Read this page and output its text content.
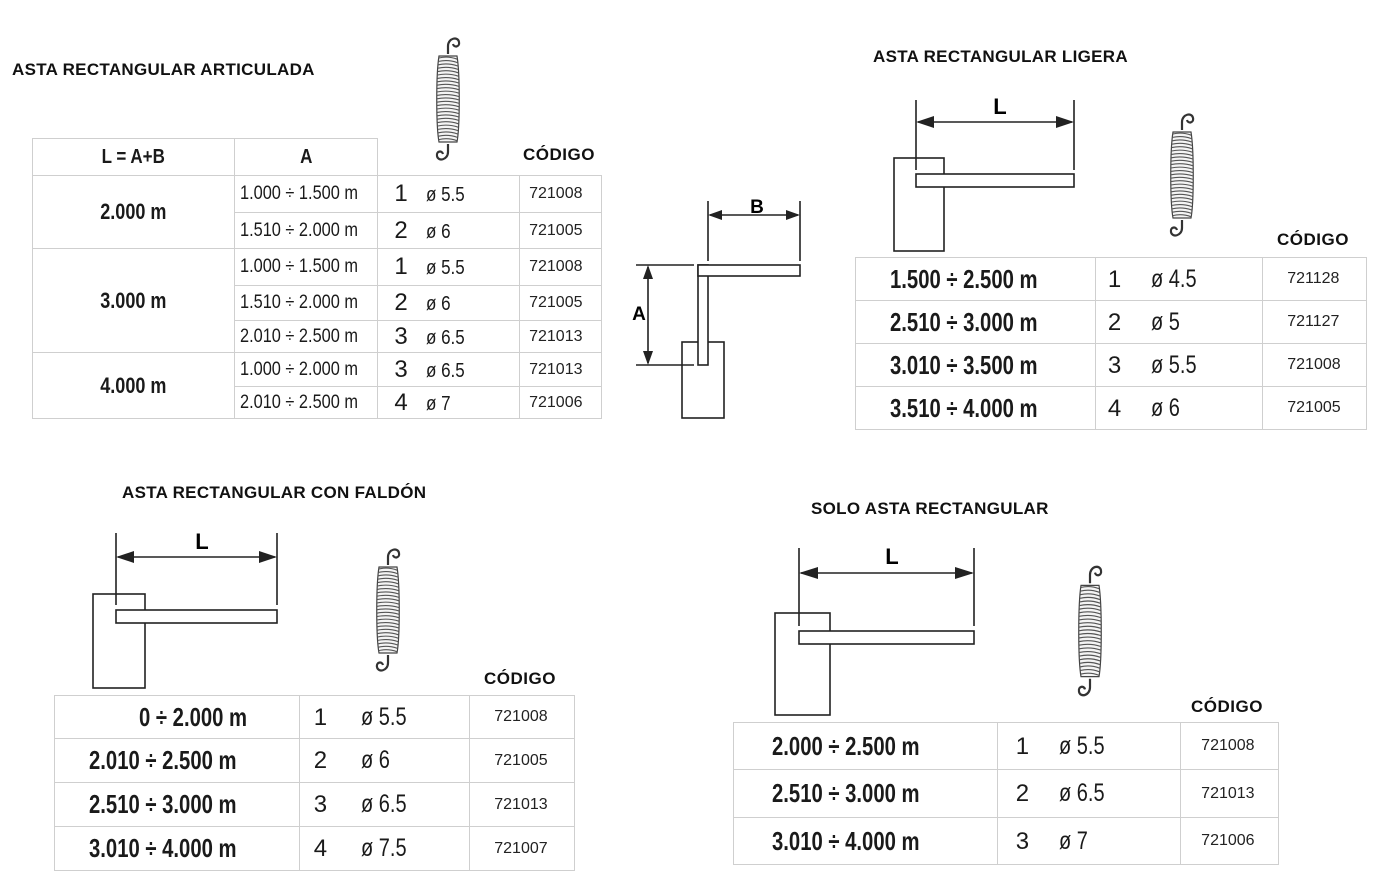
ASTA RECTANGULAR ARTICULADA
CÓDIGO
L = A+B	A		
2.000 m	1.000 ÷ 1.500 m	1 ø 5.5	721008
	1.510 ÷ 2.000 m	2 ø 6	721005
3.000 m	1.000 ÷ 1.500 m	1 ø 5.5	721008
	1.510 ÷ 2.000 m	2 ø 6	721005
	2.010 ÷ 2.500 m	3 ø 6.5	721013
4.000 m	1.000 ÷ 2.000 m	3 ø 6.5	721013
	2.010 ÷ 2.500 m	4 ø 7	721006
B
A
ASTA RECTANGULAR LIGERA
L
CÓDIGO
1.500 ÷ 2.500 m	1 ø 4.5	721128
2.510 ÷ 3.000 m	2 ø 5	721127
3.010 ÷ 3.500 m	3 ø 5.5	721008
3.510 ÷ 4.000 m	4 ø 6	721005
ASTA RECTANGULAR CON FALDÓN
L
CÓDIGO
0 ÷ 2.000 m	1 ø 5.5	721008
2.010 ÷ 2.500 m	2 ø 6	721005
2.510 ÷ 3.000 m	3 ø 6.5	721013
3.010 ÷ 4.000 m	4 ø 7.5	721007
SOLO ASTA RECTANGULAR
L
CÓDIGO
2.000 ÷ 2.500 m	1 ø 5.5	721008
2.510 ÷ 3.000 m	2 ø 6.5	721013
3.010 ÷ 4.000 m	3 ø 7	721006
